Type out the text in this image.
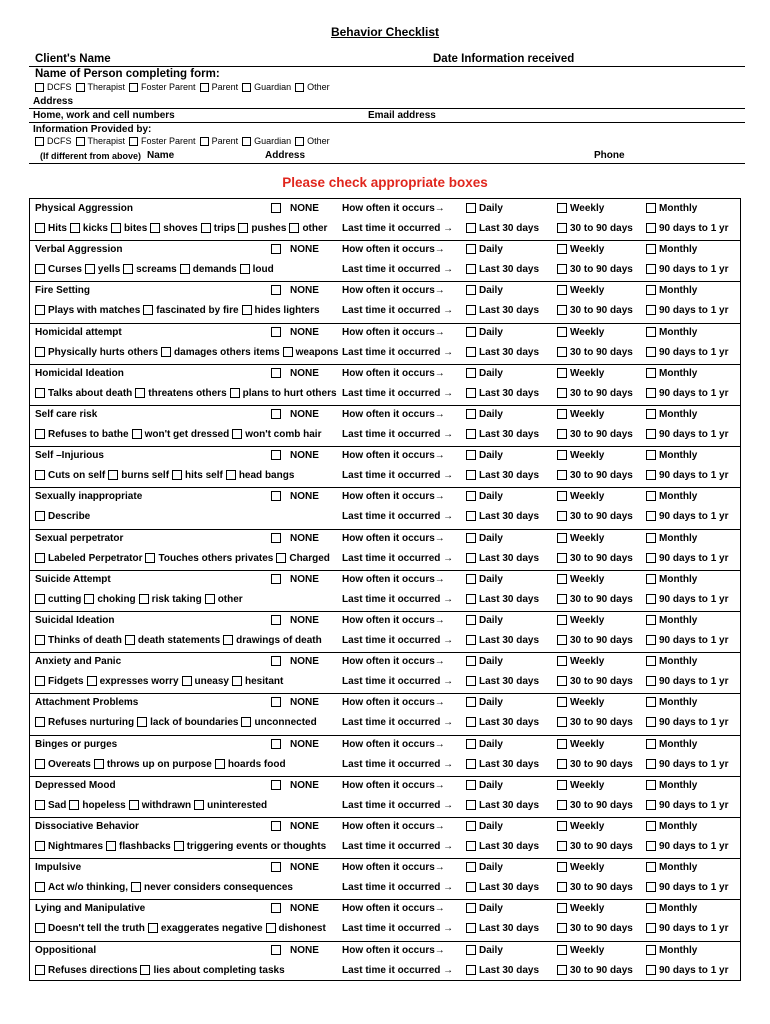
Behavior Checklist
Client's Name	Date Information received
Name of Person completing form:
DCFS Therapist Foster Parent Parent Guardian Other
Address
Home, work and cell numbers	Email address
Information Provided by:
DCFS Therapist Foster Parent Parent Guardian Other
(If different from above) Name	Address	Phone
Please check appropriate boxes
Physical Aggression	NONE How often it occurs→	Daily	Weekly	Monthly
Hits kicks bites shoves trips pushes other Last time it occurred →	Last 30 days	30 to 90 days	90 days to 1 yr
Verbal Aggression	NONE How often it occurs→	Daily	Weekly	Monthly
Curses yells screams demands loud	Last time it occurred →	Last 30 days	30 to 90 days	90 days to 1 yr
Fire Setting	NONE How often it occurs→	Daily	Weekly	Monthly
Plays with matches fascinated by fire hides lighters Last time it occurred →	Last 30 days	30 to 90 days	90 days to 1 yr
Homicidal attempt	NONE How often it occurs→	Daily	Weekly	Monthly
Physically hurts others damages others items weapons Last time it occurred →	Last 30 days	30 to 90 days	90 days to 1 yr
Homicidal Ideation	NONE How often it occurs→	Daily	Weekly	Monthly
Talks about death threatens others plans to hurt others Last time it occurred →	Last 30 days	30 to 90 days	90 days to 1 yr
Self care risk	NONE How often it occurs→	Daily	Weekly	Monthly
Refuses to bathe won't get dressed won't comb hair Last time it occurred →	Last 30 days	30 to 90 days	90 days to 1 yr
Self –Injurious	NONE How often it occurs→	Daily	Weekly	Monthly
Cuts on self burns self hits self head bangs	Last time it occurred →	Last 30 days	30 to 90 days	90 days to 1 yr
Sexually inappropriate	NONE How often it occurs→	Daily	Weekly	Monthly
Describe	Last time it occurred →	Last 30 days	30 to 90 days	90 days to 1 yr
Sexual perpetrator	NONE How often it occurs→	Daily	Weekly	Monthly
Labeled Perpetrator Touches others privates Charged Last time it occurred →	Last 30 days	30 to 90 days	90 days to 1 yr
Suicide Attempt	NONE How often it occurs→	Daily	Weekly	Monthly
cutting choking risk taking other	Last time it occurred →	Last 30 days	30 to 90 days	90 days to 1 yr
Suicidal Ideation	NONE How often it occurs→	Daily	Weekly	Monthly
Thinks of death death statements drawings of death Last time it occurred →	Last 30 days	30 to 90 days	90 days to 1 yr
Anxiety and Panic	NONE How often it occurs→	Daily	Weekly	Monthly
Fidgets expresses worry uneasy hesitant	Last time it occurred →	Last 30 days	30 to 90 days	90 days to 1 yr
Attachment Problems	NONE How often it occurs→	Daily	Weekly	Monthly
Refuses nurturing lack of boundaries unconnected	Last time it occurred →	Last 30 days	30 to 90 days	90 days to 1 yr
Binges or purges	NONE How often it occurs→	Daily	Weekly	Monthly
Overeats throws up on purpose hoards food	Last time it occurred →	Last 30 days	30 to 90 days	90 days to 1 yr
Depressed Mood	NONE How often it occurs→	Daily	Weekly	Monthly
Sad hopeless withdrawn uninterested	Last time it occurred →	Last 30 days	30 to 90 days	90 days to 1 yr
Dissociative Behavior	NONE How often it occurs→	Daily	Weekly	Monthly
Nightmares flashbacks triggering events or thoughts Last time it occurred →	Last 30 days	30 to 90 days	90 days to 1 yr
Impulsive	NONE How often it occurs→	Daily	Weekly	Monthly
Act w/o thinking, never considers consequences	Last time it occurred →	Last 30 days	30 to 90 days	90 days to 1 yr
Lying and Manipulative	NONE How often it occurs→	Daily	Weekly	Monthly
Doesn't tell the truth exaggerates negative dishonest Last time it occurred →	Last 30 days	30 to 90 days	90 days to 1 yr
Oppositional	NONE How often it occurs→	Daily	Weekly	Monthly
Refuses directions lies about completing tasks	Last time it occurred →	Last 30 days	30 to 90 days	90 days to 1 yr
